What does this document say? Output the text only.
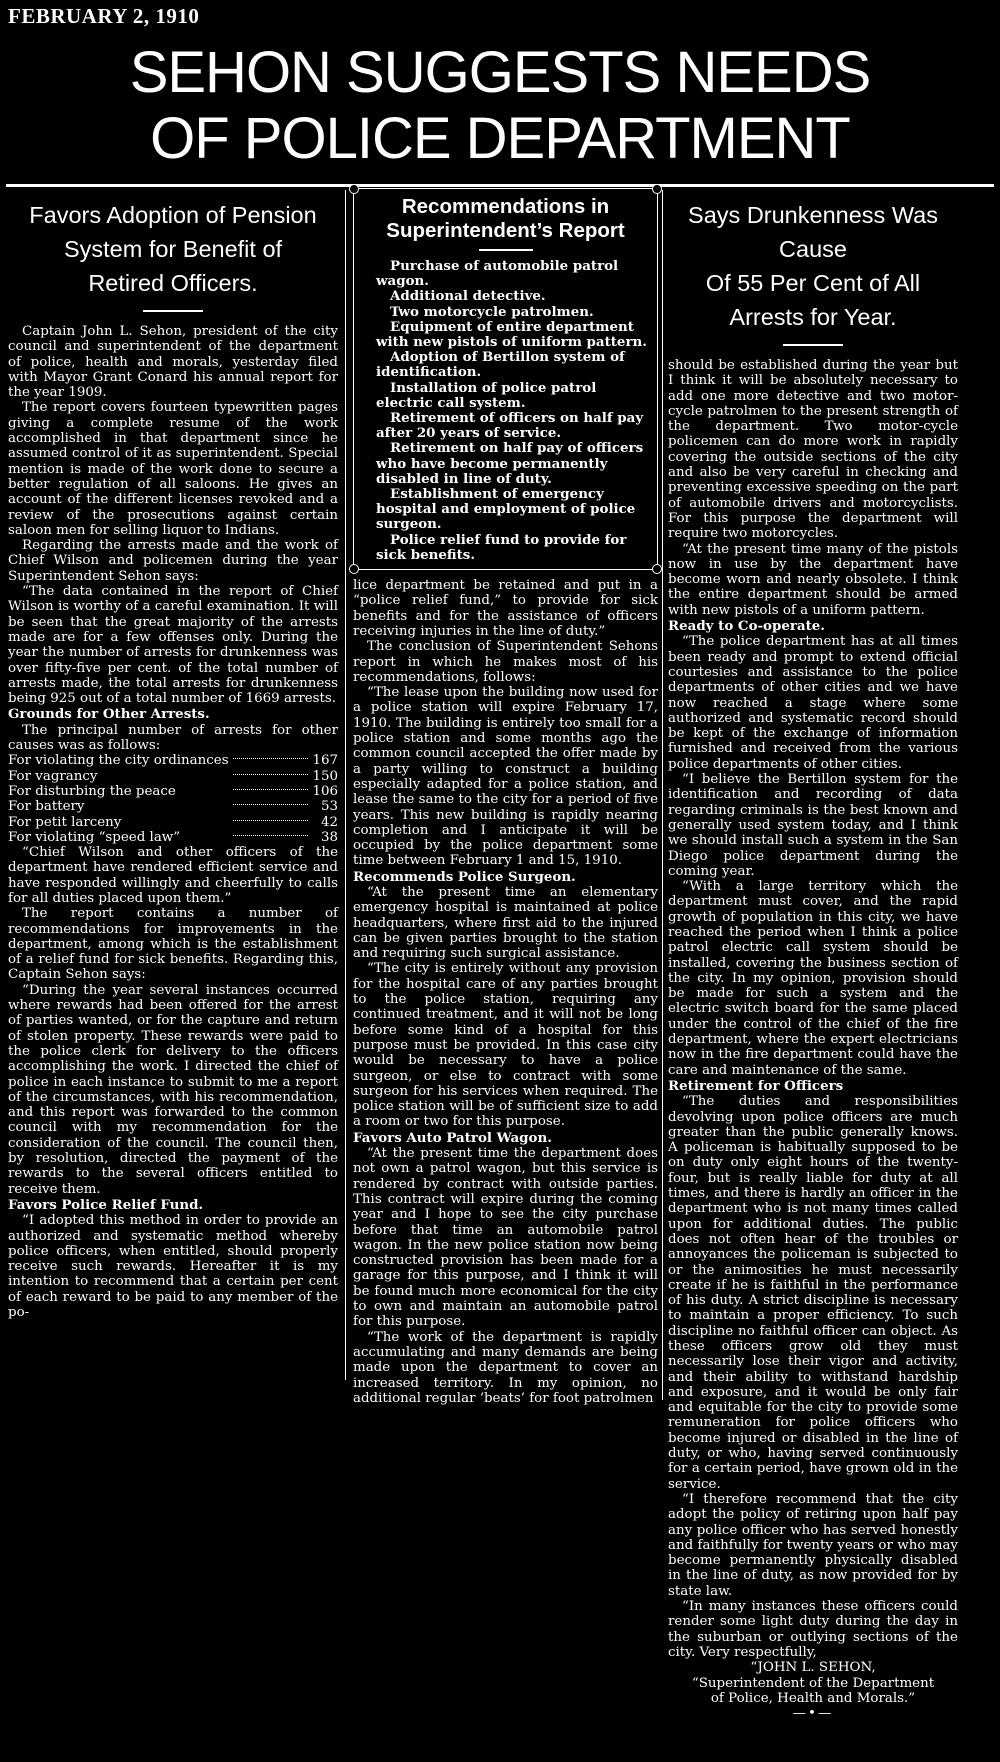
FEBRUARY 2, 1910
SEHON SUGGESTS NEEDS
OF POLICE DEPARTMENT
Favors Adoption of Pension
System for Benefit of
Retired Officers.

Captain John L. Sehon, president of the city council and superintendent of the department of police, health and morals, yesterday filed with Mayor Grant Conard his annual report for the year 1909.

The report covers fourteen typewritten pages giving a complete resume of the work accomplished in that department since he assumed control of it as superintendent. Special mention is made of the work done to secure a better regulation of all saloons. He gives an account of the different licenses revoked and a review of the prosecutions against certain saloon men for selling liquor to Indians.

Regarding the arrests made and the work of Chief Wilson and policemen during the year Superintendent Sehon says:

“The data contained in the report of Chief Wilson is worthy of a careful examination. It will be seen that the great majority of the arrests made are for a few offenses only. During the year the number of arrests for drunkenness was over fifty-five per cent. of the total number of arrests made, the total arrests for drunkenness being 925 out of a total number of 1669 arrests.

Grounds for Other Arrests.

The principal number of arrests for other causes was as follows:

For violating the city ordinances		167
For vagrancy		150
For disturbing the peace		106
For battery		53
For petit larceny		42
For violating “speed law”		38

“Chief Wilson and other officers of the department have rendered efficient service and have responded willingly and cheerfully to calls for all duties placed upon them.”

The report contains a number of recommendations for improvements in the department, among which is the establishment of a relief fund for sick benefits. Regarding this, Captain Sehon says:

“During the year several instances occurred where rewards had been offered for the arrest of parties wanted, or for the capture and return of stolen property. These rewards were paid to the police clerk for delivery to the officers accomplishing the work. I directed the chief of police in each instance to submit to me a report of the circumstances, with his recommendation, and this report was forwarded to the common council with my recommendation for the consideration of the council. The council then, by resolution, directed the payment of the rewards to the several officers entitled to receive them.

Favors Police Relief Fund.

“I adopted this method in order to provide an authorized and systematic method whereby police officers, when entitled, should properly receive such rewards. Hereafter it is my intention to recommend that a certain per cent of each reward to be paid to any member of the po-

Recommendations in
Superintendent’s Report

Purchase of automobile patrol wagon.

Additional detective.

Two motorcycle patrolmen.

Equipment of entire department with new pistols of uniform pattern.

Adoption of Bertillon system of identification.

Installation of police patrol electric call system.

Retirement of officers on half pay after 20 years of service.

Retirement on half pay of officers who have become permanently disabled in line of duty.

Establishment of emergency hospital and employment of police surgeon.

Police relief fund to provide for sick benefits.

lice department be retained and put in a “police relief fund,” to provide for sick benefits and for the assistance of officers receiving injuries in the line of duty.”

The conclusion of Superintendent Sehons report in which he makes most of his recommendations, follows:

“The lease upon the building now used for a police station will expire February 17, 1910. The building is entirely too small for a police station and some months ago the common council accepted the offer made by a party willing to construct a building especially adapted for a police station, and lease the same to the city for a period of five years. This new building is rapidly nearing completion and I anticipate it will be occupied by the police department some time between February 1 and 15, 1910.

Recommends Police Surgeon.

“At the present time an elementary emergency hospital is maintained at police headquarters, where first aid to the injured can be given parties brought to the station and requiring such surgical assistance.

“The city is entirely without any provision for the hospital care of any parties brought to the police station, requiring any continued treatment, and it will not be long before some kind of a hospital for this purpose must be provided. In this case city would be necessary to have a police surgeon, or else to contract with some surgeon for his services when required. The police station will be of sufficient size to add a room or two for this purpose.

Favors Auto Patrol Wagon.

“At the present time the department does not own a patrol wagon, but this service is rendered by contract with outside parties. This contract will expire during the coming year and I hope to see the city purchase before that time an automobile patrol wagon. In the new police station now being constructed provision has been made for a garage for this purpose, and I think it will be found much more economical for the city to own and maintain an automobile patrol for this purpose.

“The work of the department is rapidly accumulating and many demands are being made upon the department to cover an increased territory. In my opinion, no additional regular ‘beats’ for foot patrolmen

Says Drunkenness Was Cause
Of 55 Per Cent of All
Arrests for Year.

should be established during the year but I think it will be absolutely necessary to add one more detective and two motor-cycle patrolmen to the present strength of the department. Two motor-cycle policemen can do more work in rapidly covering the outside sections of the city and also be very careful in checking and preventing excessive speeding on the part of automobile drivers and motorcyclists. For this purpose the department will require two motorcycles.

“At the present time many of the pistols now in use by the department have become worn and nearly obsolete. I think the entire department should be armed with new pistols of a uniform pattern.

Ready to Co-operate.

“The police department has at all times been ready and prompt to extend official courtesies and assistance to the police departments of other cities and we have now reached a stage where some authorized and systematic record should be kept of the exchange of information furnished and received from the various police departments of other cities.

“I believe the Bertillon system for the identification and recording of data regarding criminals is the best known and generally used system today, and I think we should install such a system in the San Diego police department during the coming year.

“With a large territory which the department must cover, and the rapid growth of population in this city, we have reached the period when I think a police patrol electric call system should be installed, covering the business section of the city. In my opinion, provision should be made for such a system and the electric switch board for the same placed under the control of the chief of the fire department, where the expert electricians now in the fire department could have the care and maintenance of the same.

Retirement for Officers

“The duties and responsibilities devolving upon police officers are much greater than the public generally knows. A policeman is habitually supposed to be on duty only eight hours of the twenty-four, but is really liable for duty at all times, and there is hardly an officer in the department who is not many times called upon for additional duties. The public does not often hear of the troubles or annoyances the policeman is subjected to or the animosities he must necessarily create if he is faithful in the performance of his duty. A strict discipline is necessary to maintain a proper efficiency. To such discipline no faithful officer can object. As these officers grow old they must necessarily lose their vigor and activity, and their ability to withstand hardship and exposure, and it would be only fair and equitable for the city to provide some remuneration for police officers who become injured or disabled in the line of duty, or who, having served continuously for a certain period, have grown old in the service.

“I therefore recommend that the city adopt the policy of retiring upon half pay any police officer who has served honestly and faithfully for twenty years or who may become permanently physically disabled in the line of duty, as now provided for by state law.

“In many instances these officers could render some light duty during the day in the suburban or outlying sections of the city. Very respectfully,

“JOHN L. SEHON,
“Superintendent of the Department
of Police, Health and Morals.”
—•—
